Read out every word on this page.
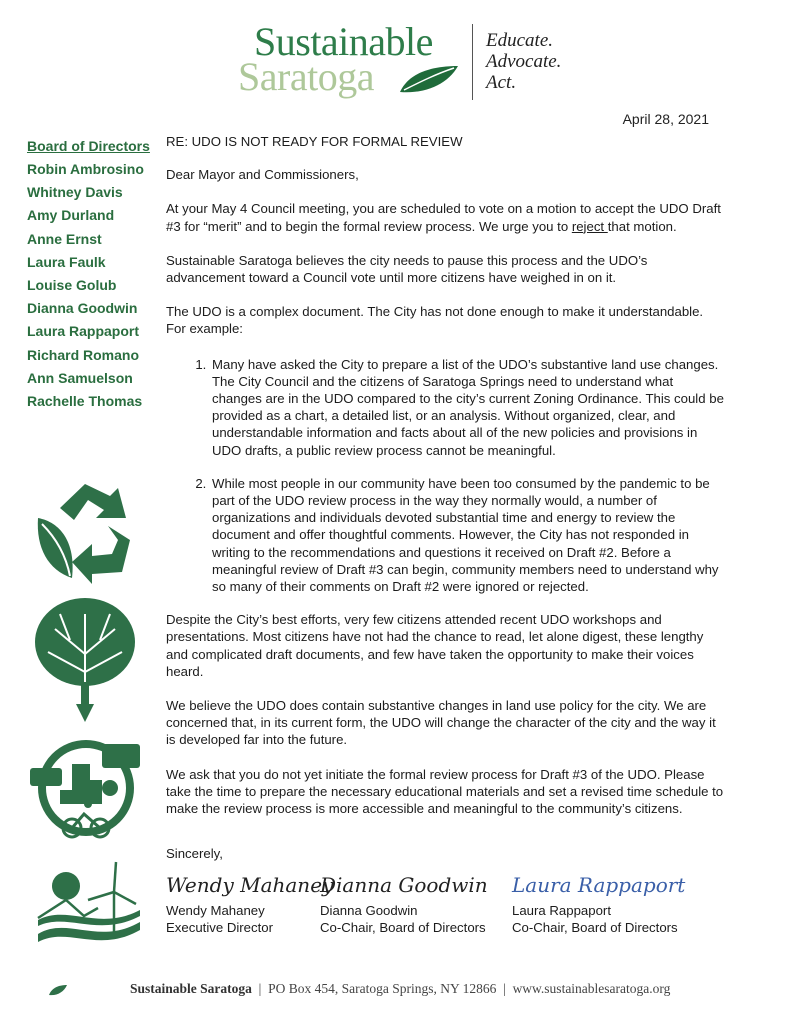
Sustainable
Saratoga
Educate.
Advocate.
Act.
April 28, 2021
Board of Directors
Robin Ambrosino
Whitney Davis
Amy Durland
Anne Ernst
Laura Faulk
Louise Golub
Dianna Goodwin
Laura Rappaport
Richard Romano
Ann Samuelson
Rachelle Thomas

RE: UDO IS NOT READY FOR FORMAL REVIEW

Dear Mayor and Commissioners,

At your May 4 Council meeting, you are scheduled to vote on a motion to accept the UDO Draft #3 for “merit” and to begin the formal review process. We urge you to reject that motion.

Sustainable Saratoga believes the city needs to pause this process and the UDO’s advancement toward a Council vote until more citizens have weighed in on it.

The UDO is a complex document. The City has not done enough to make it understandable. For example:

1. Many have asked the City to prepare a list of the UDO’s substantive land use changes. The City Council and the citizens of Saratoga Springs need to understand what changes are in the UDO compared to the city’s current Zoning Ordinance. This could be provided as a chart, a detailed list, or an analysis. Without organized, clear, and understandable information and facts about all of the new policies and provisions in UDO drafts, a public review process cannot be meaningful.
2. While most people in our community have been too consumed by the pandemic to be part of the UDO review process in the way they normally would, a number of organizations and individuals devoted substantial time and energy to review the document and offer thoughtful comments. However, the City has not responded in writing to the recommendations and questions it received on Draft #2. Before a meaningful review of Draft #3 can begin, community members need to understand why so many of their comments on Draft #2 were ignored or rejected.

Despite the City’s best efforts, very few citizens attended recent UDO workshops and presentations. Most citizens have not had the chance to read, let alone digest, these lengthy and complicated draft documents, and few have taken the opportunity to make their voices heard.

We believe the UDO does contain substantive changes in land use policy for the city. We are concerned that, in its current form, the UDO will change the character of the city and the way it is developed far into the future.

We ask that you do not yet initiate the formal review process for Draft #3 of the UDO. Please take the time to prepare the necessary educational materials and set a revised time schedule to make the review process is more accessible and meaningful to the community’s citizens.

Sincerely,
Wendy Mahaney
Wendy Mahaney
Executive Director
Dianna Goodwin
Dianna Goodwin
Co-Chair, Board of Directors
Laura Rappaport
Laura Rappaport
Co-Chair, Board of Directors
Sustainable Saratoga | PO Box 454, Saratoga Springs, NY 12866 | www.sustainablesaratoga.org
